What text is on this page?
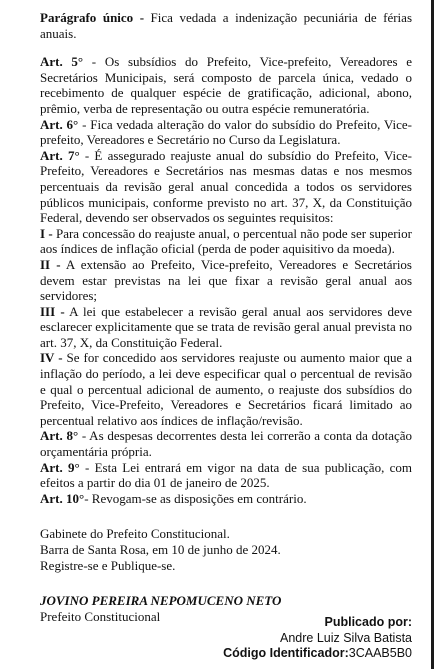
Parágrafo único - Fica vedada a indenização pecuniária de férias anuais.

Art. 5° - Os subsídios do Prefeito, Vice-prefeito, Vereadores e Secretários Municipais, será composto de parcela única, vedado o recebimento de qualquer espécie de gratificação, adicional, abono, prêmio, verba de representação ou outra espécie remuneratória.

Art. 6° - Fica vedada alteração do valor do subsídio do Prefeito, Vice-prefeito, Vereadores e Secretário no Curso da Legislatura.

Art. 7° - É assegurado reajuste anual do subsídio do Prefeito, Vice-Prefeito, Vereadores e Secretários nas mesmas datas e nos mesmos percentuais da revisão geral anual concedida a todos os servidores públicos municipais, conforme previsto no art. 37, X, da Constituição Federal, devendo ser observados os seguintes requisitos:

I - Para concessão do reajuste anual, o percentual não pode ser superior aos índices de inflação oficial (perda de poder aquisitivo da moeda).

II - A extensão ao Prefeito, Vice-prefeito, Vereadores e Secretários devem estar previstas na lei que fixar a revisão geral anual aos servidores;

III - A lei que estabelecer a revisão geral anual aos servidores deve esclarecer explicitamente que se trata de revisão geral anual prevista no art. 37, X, da Constituição Federal.

IV - Se for concedido aos servidores reajuste ou aumento maior que a inflação do período, a lei deve especificar qual o percentual de revisão e qual o percentual adicional de aumento, o reajuste dos subsídios do Prefeito, Vice-Prefeito, Vereadores e Secretários ficará limitado ao percentual relativo aos índices de inflação/revisão.

Art. 8° - As despesas decorrentes desta lei correrão a conta da dotação orçamentária própria.

Art. 9° - Esta Lei entrará em vigor na data de sua publicação, com efeitos a partir do dia 01 de janeiro de 2025.

Art. 10°- Revogam-se as disposições em contrário.

Gabinete do Prefeito Constitucional.

Barra de Santa Rosa, em 10 de junho de 2024.

Registre-se e Publique-se.

JOVINO PEREIRA NEPOMUCENO NETO

Prefeito Constitucional	Publicado por:
Andre Luiz Silva Batista
Código Identificador:3CAAB5B0
